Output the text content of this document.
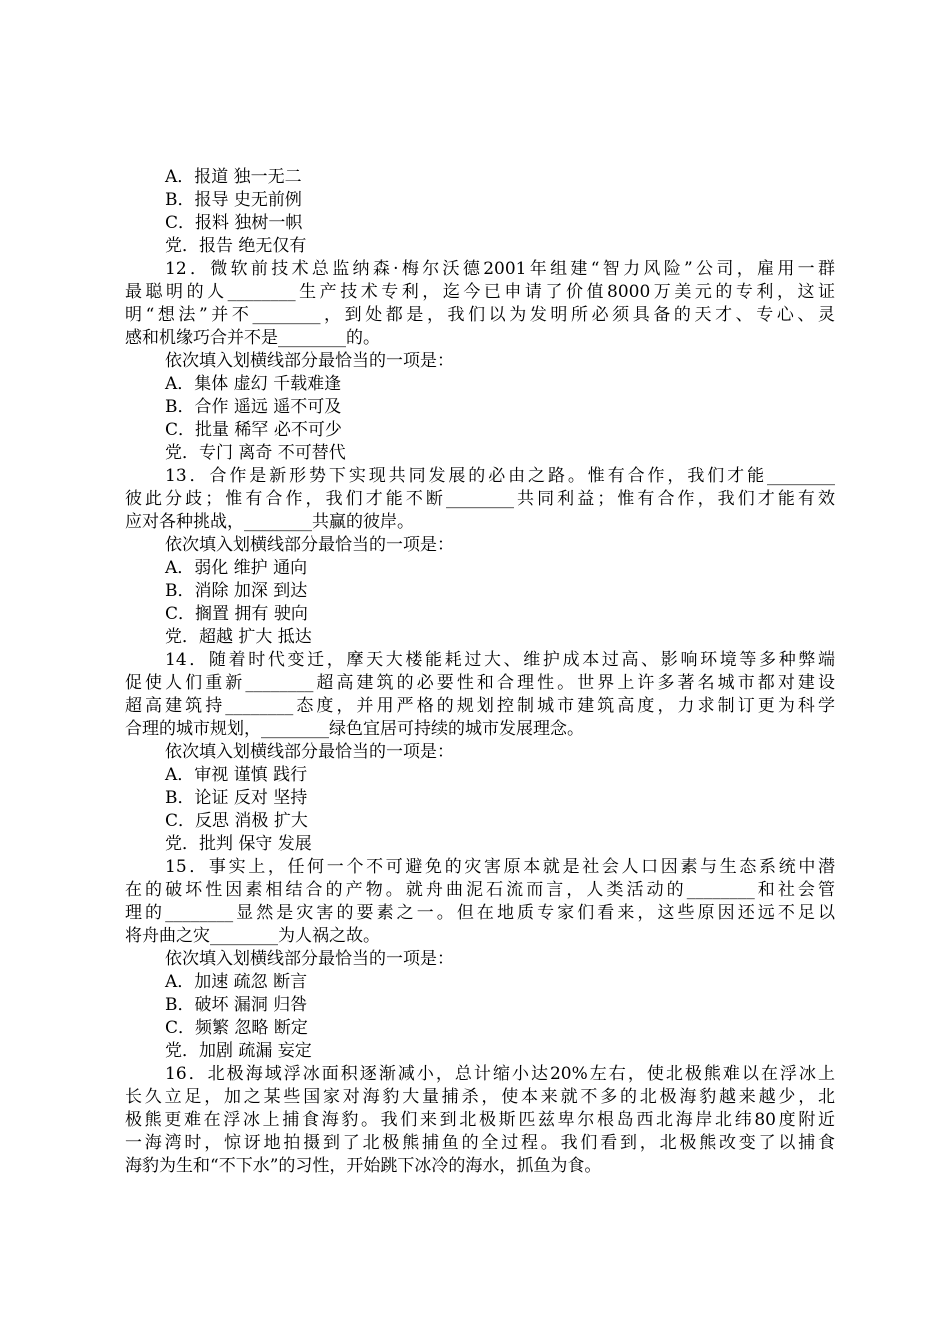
A．报道 独一无二
B．报导 史无前例
C．报料 独树一帜
党．报告 绝无仅有
12．微软前技术总监纳森·梅尔沃德2001年组建“智力风险”公司，雇用一群
最聪明的人________生产技术专利，迄今已申请了价值8000万美元的专利，这证
明“想法”并不________，到处都是，我们以为发明所必须具备的天才、专心、灵
感和机缘巧合并不是________的。
依次填入划横线部分最恰当的一项是：
A．集体 虚幻 千载难逢
B．合作 遥远 遥不可及
C．批量 稀罕 必不可少
党．专门 离奇 不可替代
13．合作是新形势下实现共同发展的必由之路。惟有合作，我们才能________
彼此分歧；惟有合作，我们才能不断________共同利益；惟有合作，我们才能有效
应对各种挑战，________共赢的彼岸。
依次填入划横线部分最恰当的一项是：
A．弱化 维护 通向
B．消除 加深 到达
C．搁置 拥有 驶向
党．超越 扩大 抵达
14．随着时代变迁，摩天大楼能耗过大、维护成本过高、影响环境等多种弊端
促使人们重新________超高建筑的必要性和合理性。世界上许多著名城市都对建设
超高建筑持________态度，并用严格的规划控制城市建筑高度，力求制订更为科学
合理的城市规划，________绿色宜居可持续的城市发展理念。
依次填入划横线部分最恰当的一项是：
A．审视 谨慎 践行
B．论证 反对 坚持
C．反思 消极 扩大
党．批判 保守 发展
15．事实上，任何一个不可避免的灾害原本就是社会人口因素与生态系统中潜
在的破坏性因素相结合的产物。就舟曲泥石流而言，人类活动的________和社会管
理的________显然是灾害的要素之一。但在地质专家们看来，这些原因还远不足以
将舟曲之灾________为人祸之故。
依次填入划横线部分最恰当的一项是：
A．加速 疏忽 断言
B．破坏 漏洞 归咎
C．频繁 忽略 断定
党．加剧 疏漏 妄定
16．北极海域浮冰面积逐渐减小，总计缩小达20%左右，使北极熊难以在浮冰上
长久立足，加之某些国家对海豹大量捕杀，使本来就不多的北极海豹越来越少，北
极熊更难在浮冰上捕食海豹。我们来到北极斯匹兹卑尔根岛西北海岸北纬80度附近
一海湾时，惊讶地拍摄到了北极熊捕鱼的全过程。我们看到，北极熊改变了以捕食
海豹为生和“不下水”的习性，开始跳下冰冷的海水，抓鱼为食。
